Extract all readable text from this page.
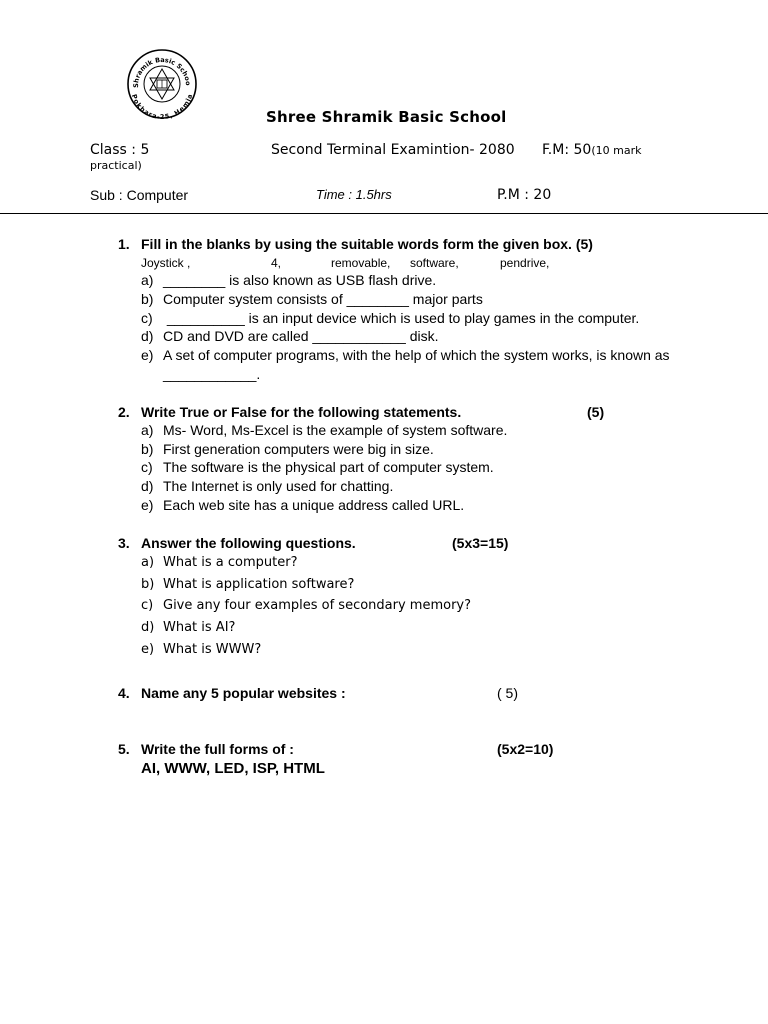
Shramik Basic Schoo
Pokhara-25, Hemja
Shree Shramik Basic School
Class : 5	Second Terminal Examintion- 2080 F.M: 50(10 mark
practical)
Sub : Computer	Time : 1.5hrs	P.M : 20
1. Fill in the blanks by using the suitable words form the given box. (5)
Joystick ,	4,	removable, software,	pendrive,
a) ________ is also known as USB flash drive.
b) Computer system consists of ________ major parts
c) __________ is an input device which is used to play games in the computer.
d) CD and DVD are called ____________ disk.
e) A set of computer programs, with the help of which the system works, is known as
____________.
2. Write True or False for the following statements.	(5)
a) Ms- Word, Ms-Excel is the example of system software.
b) First generation computers were big in size.
c) The software is the physical part of computer system.
d) The Internet is only used for chatting.
e) Each web site has a unique address called URL.
3. Answer the following questions.	(5x3=15)
a) What is a computer?
b) What is application software?
c) Give any four examples of secondary memory?
d) What is AI?
e) What is WWW?
4. Name any 5 popular websites :	( 5)
5. Write the full forms of :	(5x2=10)
AI, WWW, LED, ISP, HTML
